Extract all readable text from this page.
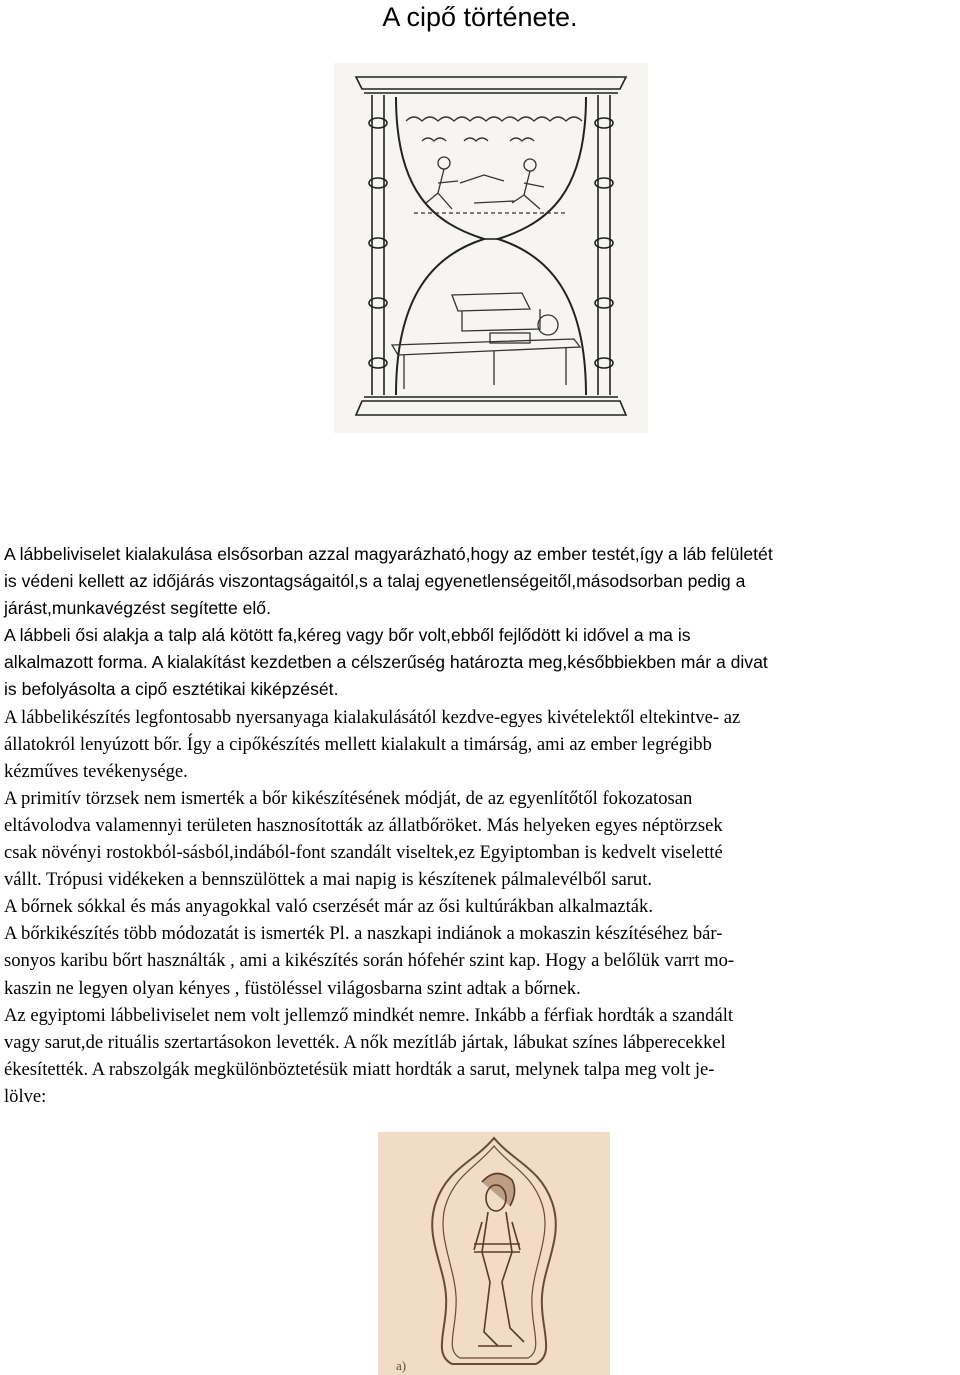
A cipő története.
A lábbeliviselet kialakulása elsősorban azzal magyarázható,hogy az ember testét,így a láb felületét
is védeni kellett az időjárás viszontagságaitól,s a talaj egyenetlenségeitől,másodsorban pedig a
járást,munkavégzést segítette elő.
A lábbeli ősi alakja a talp alá kötött fa,kéreg vagy bőr volt,ebből fejlődött ki idővel a ma is
alkalmazott forma. A kialakítást kezdetben a célszerűség határozta meg,későbbiekben már a divat
is befolyásolta a cipő esztétikai kiképzését.
A lábbelikészítés legfontosabb nyersanyaga kialakulásától kezdve-egyes kivételektől eltekintve- az
állatokról lenyúzott bőr. Így a cipőkészítés mellett kialakult a timárság, ami az ember legrégibb
kézműves tevékenysége.
A primitív törzsek nem ismerték a bőr kikészítésének módját, de az egyenlítőtől fokozatosan
eltávolodva valamennyi területen hasznosították az állatbőröket. Más helyeken egyes néptörzsek
csak növényi rostokból-sásból,indából-font szandált viseltek,ez Egyiptomban is kedvelt viseletté
vállt. Trópusi vidékeken a bennszülöttek a mai napig is készítenek pálmalevélből sarut.
A bőrnek sókkal és más anyagokkal való cserzését már az ősi kultúrákban alkalmazták.
A bőrkikészítés több módozatát is ismerték Pl. a naszkapi indiánok a mokaszin készítéséhez bár-
sonyos karibu bőrt használták , ami a kikészítés során hófehér szint kap. Hogy a belőlük varrt mo-
kaszin ne legyen olyan kényes , füstöléssel világosbarna szint adtak a bőrnek.
Az egyiptomi lábbeliviselet nem volt jellemző mindkét nemre. Inkább a férfiak hordták a szandált
vagy sarut,de rituális szertartásokon levették. A nők mezítláb jártak, lábukat színes lábperecekkel
ékesítették. A rabszolgák megkülönböztetésük miatt hordták a sarut, melynek talpa meg volt je-
lölve:
a)
